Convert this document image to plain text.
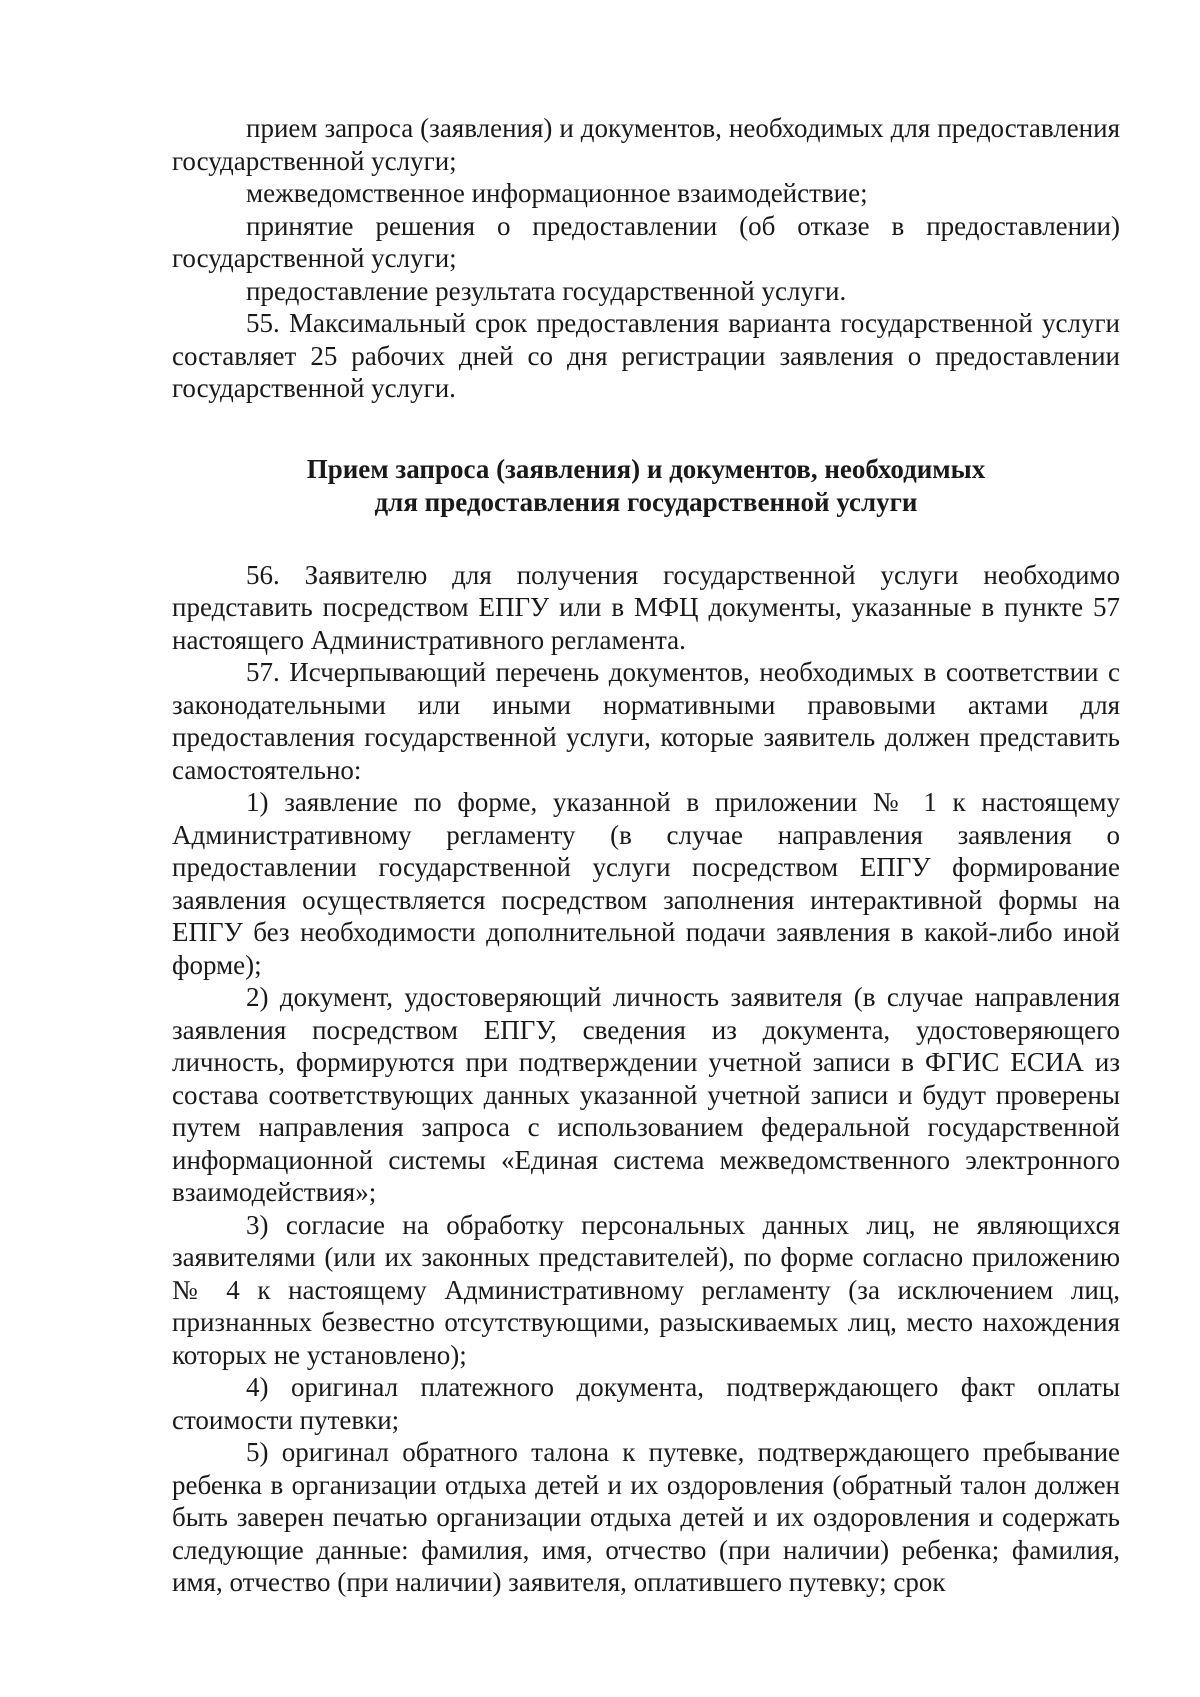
прием запроса (заявления) и документов, необходимых для предоставления государственной услуги;

межведомственное информационное взаимодействие;

принятие решения о предоставлении (об отказе в предоставлении) государственной услуги;

предоставление результата государственной услуги.

55. Максимальный срок предоставления варианта государственной услуги составляет 25 рабочих дней со дня регистрации заявления о предоставлении государственной услуги.

Прием запроса (заявления) и документов, необходимых
для предоставления государственной услуги

56. Заявителю для получения государственной услуги необходимо представить посредством ЕПГУ или в МФЦ документы, указанные в пункте 57 настоящего Административного регламента.

57. Исчерпывающий перечень документов, необходимых в соответствии с законодательными или иными нормативными правовыми актами для предоставления государственной услуги, которые заявитель должен представить самостоятельно:

1) заявление по форме, указанной в приложении № 1 к настоящему Административному регламенту (в случае направления заявления о предоставлении государственной услуги посредством ЕПГУ формирование заявления осуществляется посредством заполнения интерактивной формы на ЕПГУ без необходимости дополнительной подачи заявления в какой-либо иной форме);

2) документ, удостоверяющий личность заявителя (в случае направления заявления посредством ЕПГУ, сведения из документа, удостоверяющего личность, формируются при подтверждении учетной записи в ФГИС ЕСИА из состава соответствующих данных указанной учетной записи и будут проверены путем направления запроса с использованием федеральной государственной информационной системы «Единая система межведомственного электронного взаимодействия»;

3) согласие на обработку персональных данных лиц, не являющихся заявителями (или их законных представителей), по форме согласно приложению № 4 к настоящему Административному регламенту (за исключением лиц, признанных безвестно отсутствующими, разыскиваемых лиц, место нахождения которых не установлено);

4) оригинал платежного документа, подтверждающего факт оплаты стоимости путевки;

5) оригинал обратного талона к путевке, подтверждающего пребывание ребенка в организации отдыха детей и их оздоровления (обратный талон должен быть заверен печатью организации отдыха детей и их оздоровления и содержать следующие данные: фамилия, имя, отчество (при наличии) ребенка; фамилия, имя, отчество (при наличии) заявителя, оплатившего путевку; срок
